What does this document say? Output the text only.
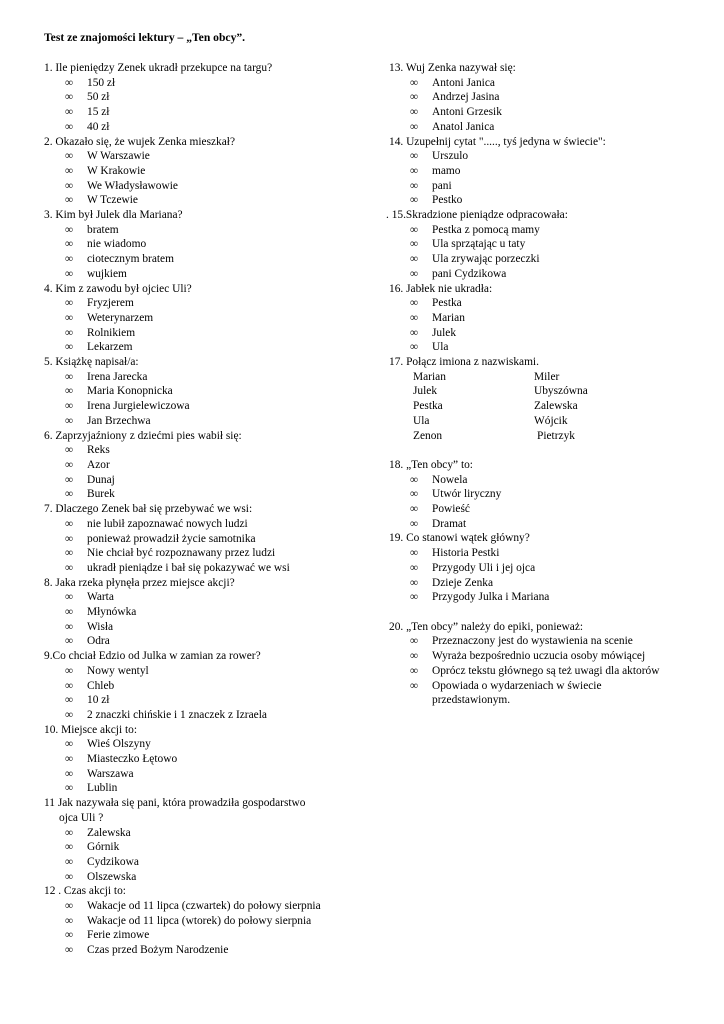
Test ze znajomości lektury – „Ten obcy”.
1. Ile pieniędzy Zenek ukradł przekupce na targu?
∞ 150 zł
∞ 50 zł
∞ 15 zł
∞ 40 zł
2. Okazało się, że wujek Zenka mieszkał?
∞ W Warszawie
∞ W Krakowie
∞ We Władysławowie
∞ W Tczewie
3. Kim był Julek dla Mariana?
∞ bratem
∞ nie wiadomo
∞ ciotecznym bratem
∞ wujkiem
4. Kim z zawodu był ojciec Uli?
∞ Fryzjerem
∞ Weterynarzem
∞ Rolnikiem
∞ Lekarzem
5. Książkę napisał/a:
∞ Irena Jarecka
∞ Maria Konopnicka
∞ Irena Jurgielewiczowa
∞ Jan Brzechwa
6. Zaprzyjaźniony z dziećmi pies wabił się:
∞ Reks
∞ Azor
∞ Dunaj
∞ Burek
7. Dlaczego Zenek bał się przebywać we wsi:
∞ nie lubił zapoznawać nowych ludzi
∞ ponieważ prowadził życie samotnika
∞ Nie chciał być rozpoznawany przez ludzi
∞ ukradł pieniądze i bał się pokazywać we wsi
8. Jaka rzeka płynęła przez miejsce akcji?
∞ Warta
∞ Młynówka
∞ Wisła
∞ Odra
9.Co chciał Edzio od Julka w zamian za rower?
∞ Nowy wentyl
∞ Chleb
∞ 10 zł
∞ 2 znaczki chińskie i 1 znaczek z Izraela
10. Miejsce akcji to:
∞ Wieś Olszyny
∞ Miasteczko Łętowo
∞ Warszawa
∞ Lublin
11 Jak nazywała się pani, która prowadziła gospodarstwo
ojca Uli ?
∞ Zalewska
∞ Górnik
∞ Cydzikowa
∞ Olszewska
12 . Czas akcji to:
∞ Wakacje od 11 lipca (czwartek) do połowy sierpnia
∞ Wakacje od 11 lipca (wtorek) do połowy sierpnia
∞ Ferie zimowe
∞ Czas przed Bożym Narodzenie
13. Wuj Zenka nazywał się:
∞ Antoni Janica
∞ Andrzej Jasina
∞ Antoni Grzesik
∞ Anatol Janica
14. Uzupełnij cytat "....., tyś jedyna w świecie":
∞ Urszulo
∞ mamo
∞ pani
∞ Pestko
. 15.Skradzione pieniądze odpracowała:
∞ Pestka z pomocą mamy
∞ Ula sprzątając u taty
∞ Ula zrywając porzeczki
∞ pani Cydzikowa
16. Jabłek nie ukradła:
∞ Pestka
∞ Marian
∞ Julek
∞ Ula
17. Połącz imiona z nazwiskami.
Marian	Miler
Julek	Ubyszówna
Pestka	Zalewska
Ula	Wójcik
Zenon	Pietrzyk
18. „Ten obcy” to:
∞ Nowela
∞ Utwór liryczny
∞ Powieść
∞ Dramat
19. Co stanowi wątek główny?
∞ Historia Pestki
∞ Przygody Uli i jej ojca
∞ Dzieje Zenka
∞ Przygody Julka i Mariana
20. „Ten obcy” należy do epiki, ponieważ:
∞ Przeznaczony jest do wystawienia na scenie
∞ Wyraża bezpośrednio uczucia osoby mówiącej
∞ Oprócz tekstu głównego są też uwagi dla aktorów
∞ Opowiada o wydarzeniach w świecie przedstawionym.
